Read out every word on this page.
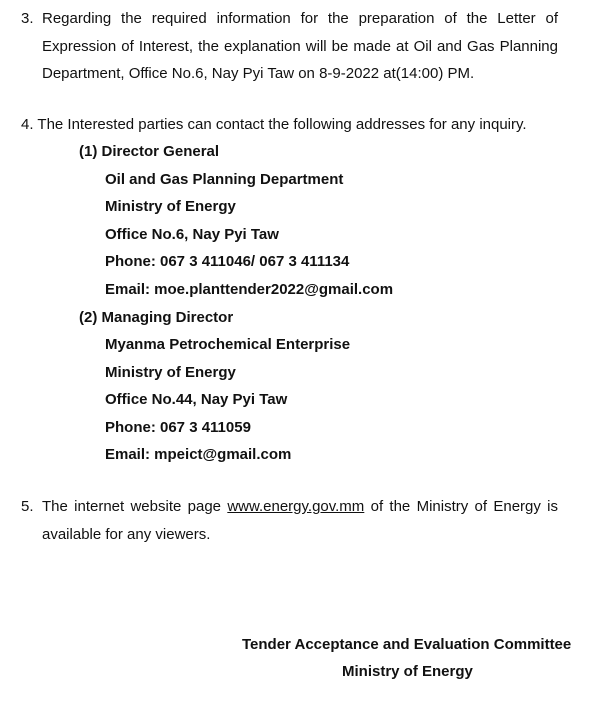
3. Regarding the required information for the preparation of the Letter of Expression of Interest, the explanation will be made at Oil and Gas Planning Department, Office No.6, Nay Pyi Taw on 8-9-2022 at(14:00) PM.
4. The Interested parties can contact the following addresses for any inquiry.
(1) Director General
Oil and Gas Planning Department
Ministry of Energy
Office No.6, Nay Pyi Taw
Phone: 067 3 411046/ 067 3 411134
Email: moe.planttender2022@gmail.com
(2) Managing Director
Myanma Petrochemical Enterprise
Ministry of Energy
Office No.44, Nay Pyi Taw
Phone: 067 3 411059
Email: mpeict@gmail.com
5. The internet website page www.energy.gov.mm of the Ministry of Energy is available for any viewers.
Tender Acceptance and Evaluation Committee
Ministry of Energy
